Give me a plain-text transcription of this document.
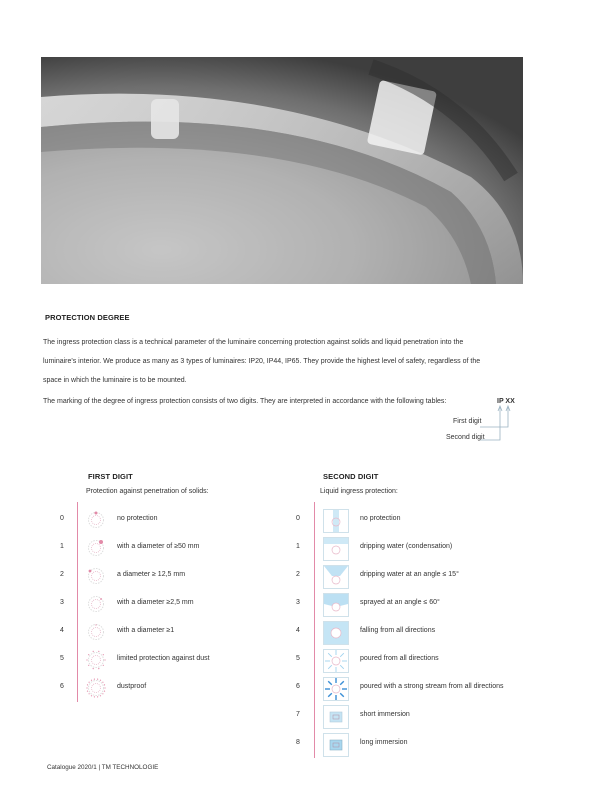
PROTECTION DEGREE
The ingress protection class is a technical parameter of the luminaire concerning protection against solids and liquid penetration into the
luminaire's interior. We produce as many as 3 types of luminaires: IP20, IP44, IP65. They provide the highest level of safety, regardless of the
space in which the luminaire is to be mounted.
The marking of the degree of ingress protection consists of two digits. They are interpreted in accordance with the following tables:	IP XX
First digit
Second digit
FIRST DIGIT
Protection against penetration of solids:
0	no protection
1	with a diameter of ≥50 mm
2	a diameter ≥ 12,5 mm
3	with a diameter ≥2,5 mm
4	with a diameter ≥1
5	limited protection against dust
6	dustproof
SECOND DIGIT
Liquid ingress protection:
0	no protection
1	dripping water (condensation)
2	dripping water at an angle ≤ 15°
3	sprayed at an angle ≤ 60°
4	falling from all directions
5	poured from all directions
6	poured with a strong stream from all directions
7	short immersion
8	long immersion
Catalogue 2020/1 | TM TECHNOLOGIE
